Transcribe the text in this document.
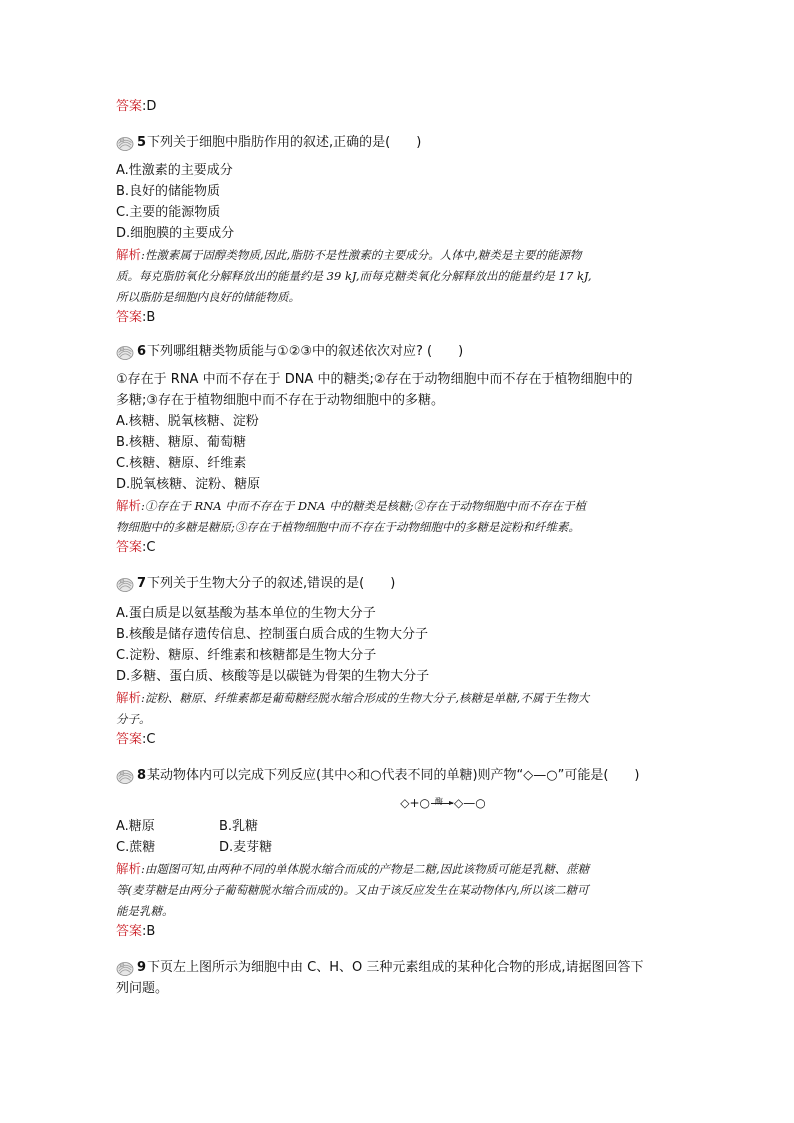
答案:D
5 下列关于细胞中脂肪作用的叙述,正确的是(　　)
A.性激素的主要成分
B.良好的储能物质
C.主要的能源物质
D.细胞膜的主要成分
解析:性激素属于固醇类物质,因此,脂肪不是性激素的主要成分。人体中,糖类是主要的能源物
质。每克脂肪氧化分解释放出的能量约是 39 kJ,而每克糖类氧化分解释放出的能量约是 17 kJ,
所以脂肪是细胞内良好的储能物质。
答案:B
6 下列哪组糖类物质能与①②③中的叙述依次对应? (　　)
①存在于 RNA 中而不存在于 DNA 中的糖类;②存在于动物细胞中而不存在于植物细胞中的
多糖;③存在于植物细胞中而不存在于动物细胞中的多糖。
A.核糖、脱氧核糖、淀粉
B.核糖、糖原、葡萄糖
C.核糖、糖原、纤维素
D.脱氧核糖、淀粉、糖原
解析:①存在于 RNA 中而不存在于 DNA 中的糖类是核糖;②存在于动物细胞中而不存在于植
物细胞中的多糖是糖原;③存在于植物细胞中而不存在于动物细胞中的多糖是淀粉和纤维素。
答案:C
7 下列关于生物大分子的叙述,错误的是(　　)
A.蛋白质是以氨基酸为基本单位的生物大分子
B.核酸是储存遗传信息、控制蛋白质合成的生物大分子
C.淀粉、糖原、纤维素和核糖都是生物大分子
D.多糖、蛋白质、核酸等是以碳链为骨架的生物大分子
解析:淀粉、糖原、纤维素都是葡萄糖经脱水缩合形成的生物大分子,核糖是单糖,不属于生物大
分子。
答案:C
8 某动物体内可以完成下列反应(其中◇和○代表不同的单糖)则产物“◇—○”可能是(　　)
◇+○ 酶 ◇—○
A.糖原	B.乳糖
C.蔗糖	D.麦芽糖
解析:由题图可知,由两种不同的单体脱水缩合而成的产物是二糖,因此该物质可能是乳糖、蔗糖
等(麦芽糖是由两分子葡萄糖脱水缩合而成的)。又由于该反应发生在某动物体内,所以该二糖可
能是乳糖。
答案:B
9 下页左上图所示为细胞中由 C、H、O 三种元素组成的某种化合物的形成,请据图回答下
列问题。
